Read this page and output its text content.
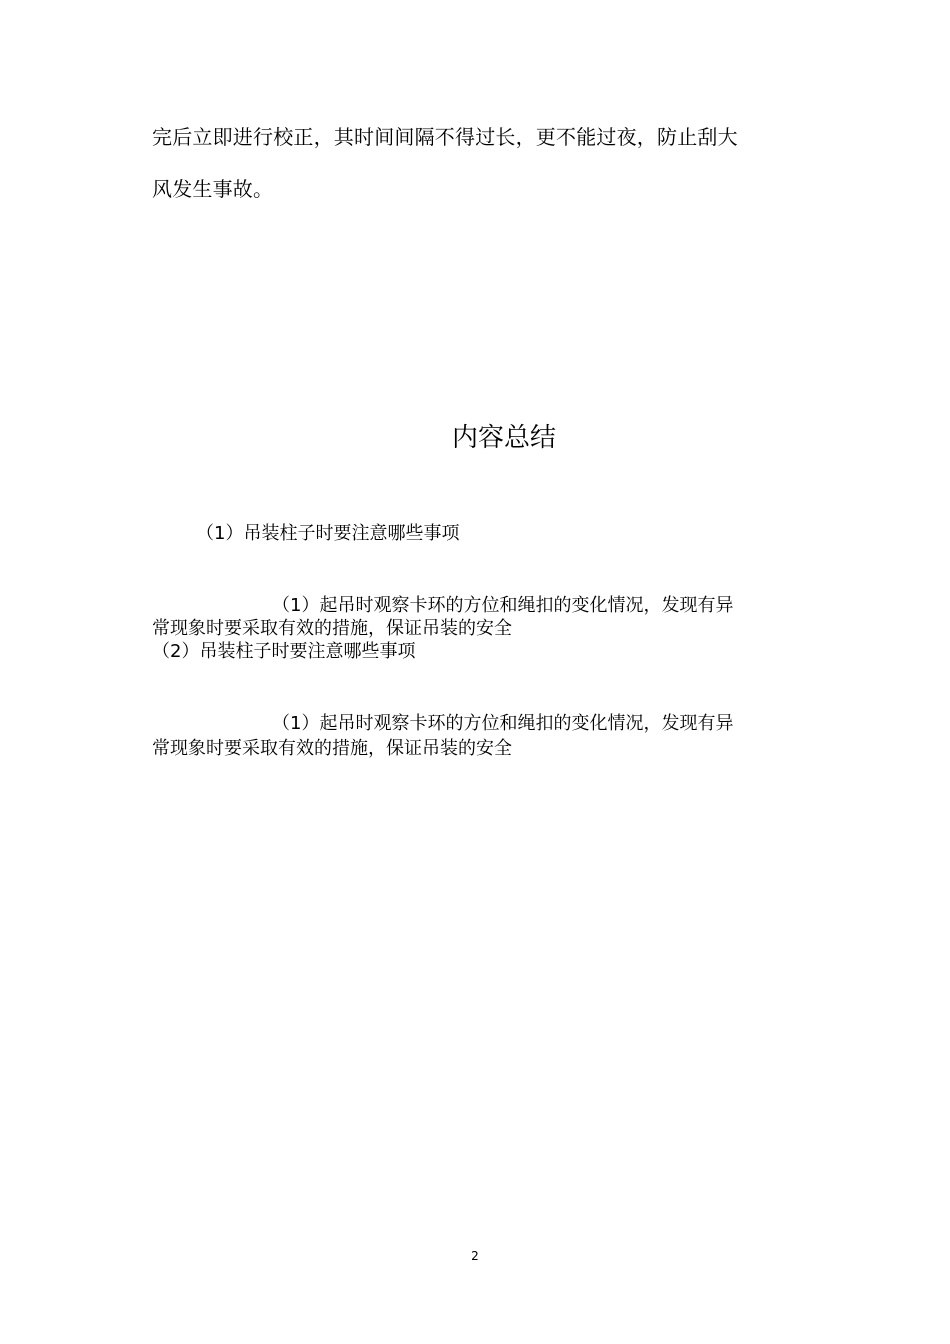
完后立即进行校正，其时间间隔不得过长，更不能过夜，防止刮大
风发生事故。
内容总结
（1）吊装柱子时要注意哪些事项
（1）起吊时观察卡环的方位和绳扣的变化情况，发现有异
常现象时要采取有效的措施，保证吊装的安全
（2）吊装柱子时要注意哪些事项
（1）起吊时观察卡环的方位和绳扣的变化情况，发现有异
常现象时要采取有效的措施，保证吊装的安全
2
